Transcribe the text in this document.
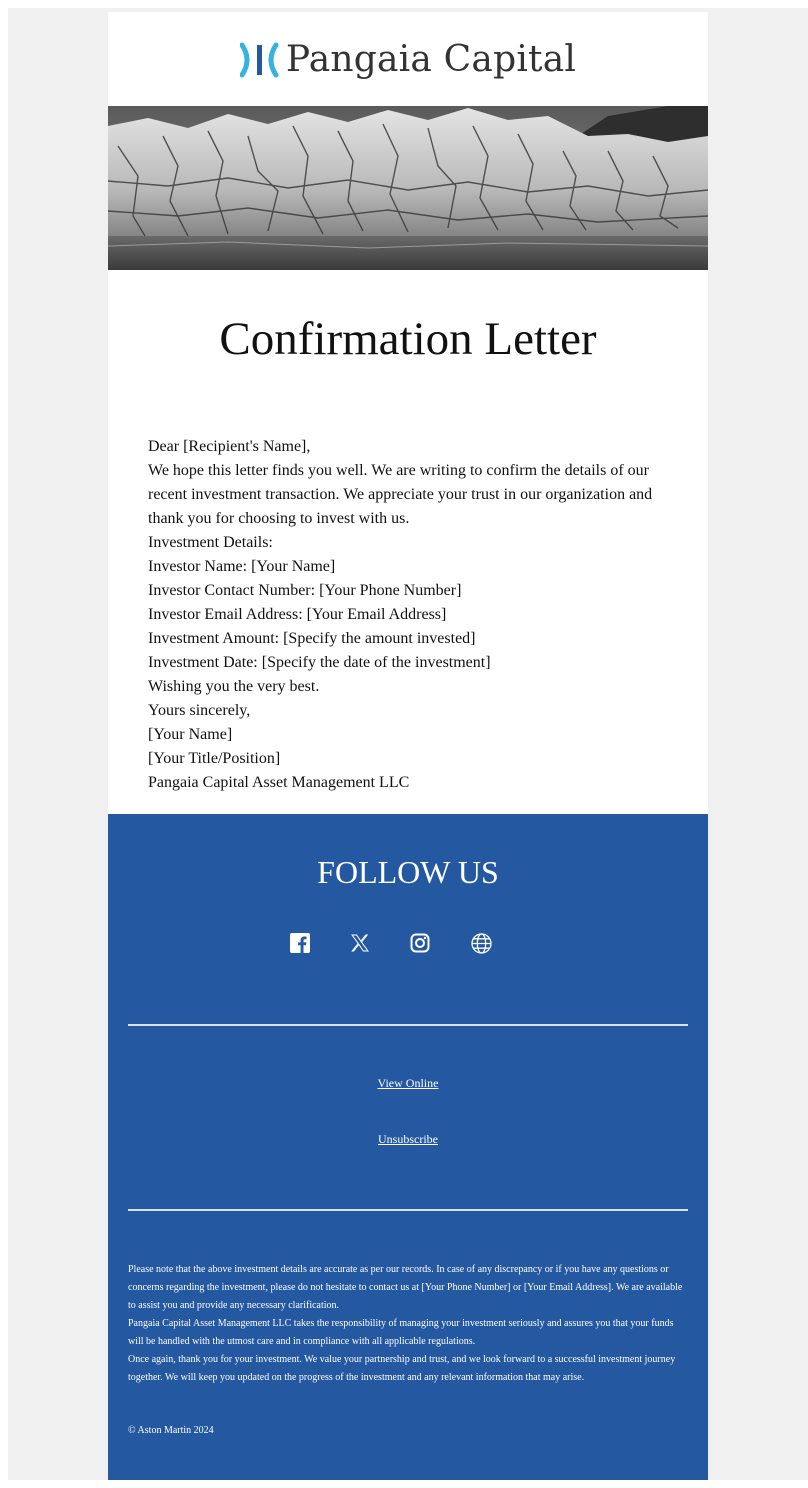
Pangaia Capital
Confirmation Letter

Dear [Recipient's Name],

We hope this letter finds you well. We are writing to confirm the details of our recent investment transaction. We appreciate your trust in our organization and thank you for choosing to invest with us.

Investment Details:

Investor Name: [Your Name]

Investor Contact Number: [Your Phone Number]

Investor Email Address: [Your Email Address]

Investment Amount: [Specify the amount invested]

Investment Date: [Specify the date of the investment]

Wishing you the very best.

Yours sincerely,

[Your Name]

[Your Title/Position]

Pangaia Capital Asset Management LLC

FOLLOW US
View Online
Unsubscribe

Please note that the above investment details are accurate as per our records. In case of any discrepancy or if you have any questions or concerns regarding the investment, please do not hesitate to contact us at [Your Phone Number] or [Your Email Address]. We are available to assist you and provide any necessary clarification.

Pangaia Capital Asset Management LLC takes the responsibility of managing your investment seriously and assures you that your funds will be handled with the utmost care and in compliance with all applicable regulations.

Once again, thank you for your investment. We value your partnership and trust, and we look forward to a successful investment journey together. We will keep you updated on the progress of the investment and any relevant information that may arise.

© Aston Martin 2024
